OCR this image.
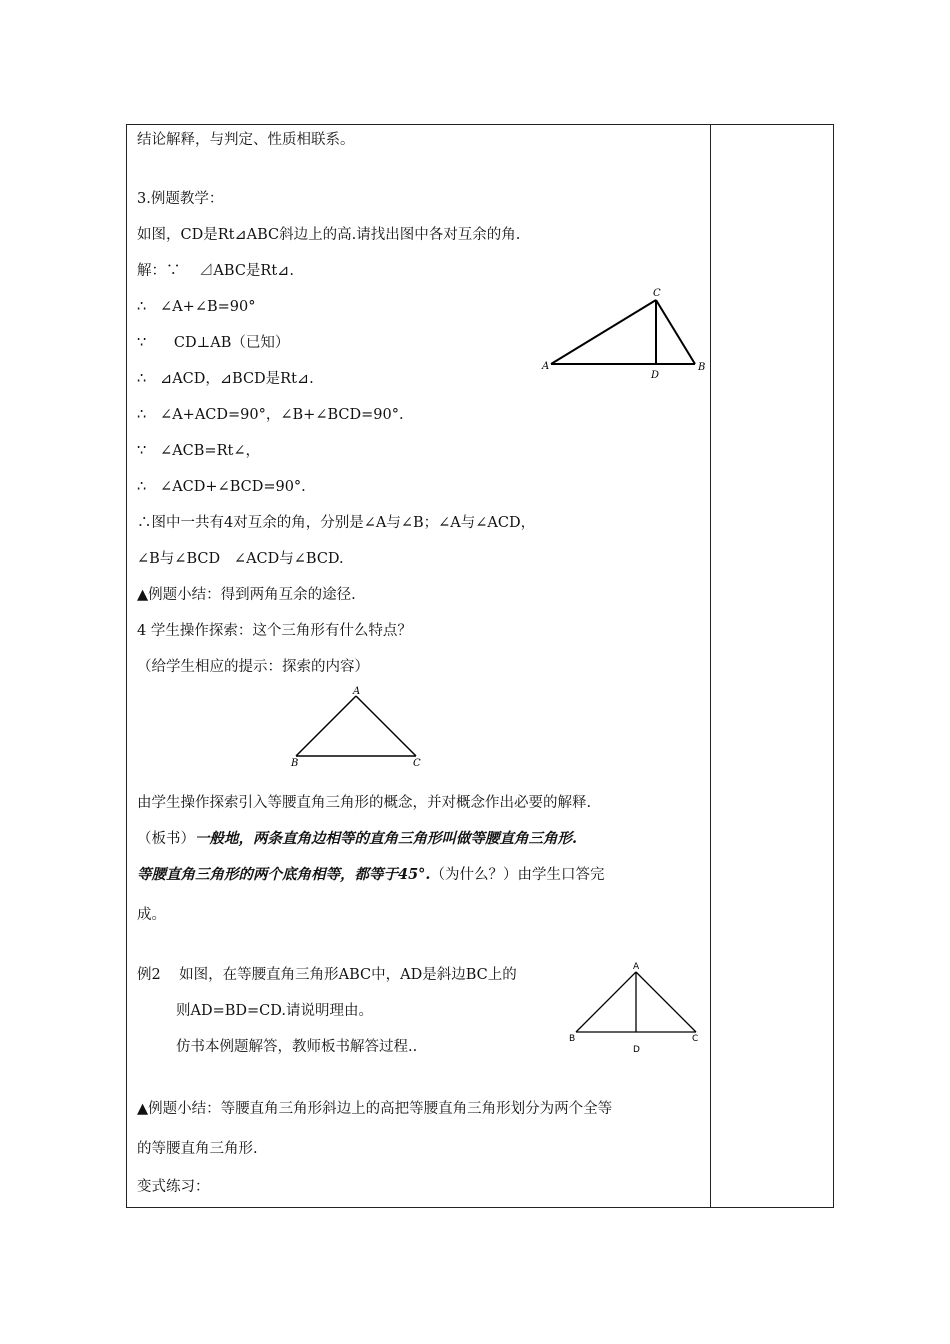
结论解释，与判定、性质相联系。
3.例题教学：
如图，CD是Rt⊿ABC斜边上的高.请找出图中各对互余的角.
解：∵    ⊿ABC是Rt⊿.
∴   ∠A+∠B=90°
∵      CD⊥AB（已知）
∴   ⊿ACD，⊿BCD是Rt⊿.
∴   ∠A+ACD=90°，∠B+∠BCD=90°.
∵   ∠ACB=Rt∠，
∴   ∠ACD+∠BCD=90°.
∴图中一共有4对互余的角，分别是∠A与∠B；∠A与∠ACD，
∠B与∠BCD   ∠ACD与∠BCD.
▲例题小结：得到两角互余的途径.
4 学生操作探索：这个三角形有什么特点？
（给学生相应的提示：探索的内容）
由学生操作探索引入等腰直角三角形的概念，并对概念作出必要的解释.
（板书）一般地，两条直角边相等的直角三角形叫做等腰直角三角形.
等腰直角三角形的两个底角相等，都等于45°.（为什么？）由学生口答完
成。
例2    如图，在等腰直角三角形ABC中，AD是斜边BC上的
则AD=BD=CD.请说明理由。
仿书本例题解答，教师板书解答过程..
▲例题小结：等腰直角三角形斜边上的高把等腰直角三角形划分为两个全等
的等腰直角三角形.
变式练习：
A	B
C
D
A
B	C
A
B	C
D
